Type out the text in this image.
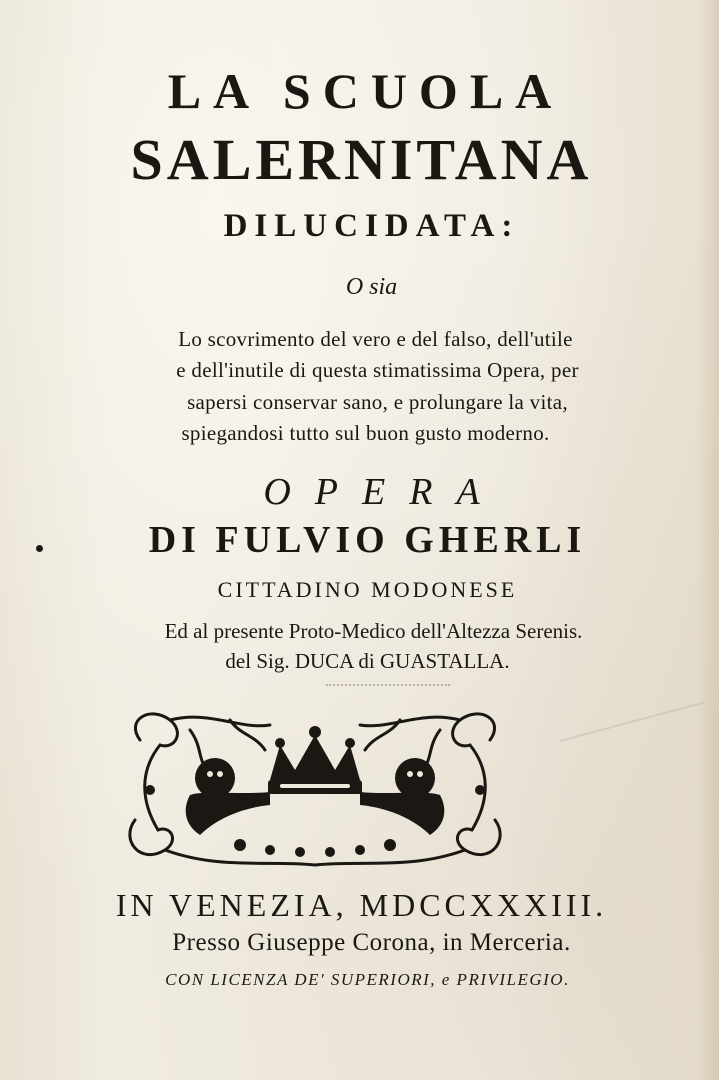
LA SCUOLA
SALERNITANA
DILUCIDATA:
O sia
Lo scovrimento del vero e del falso, dell'utile
e dell'inutile di questa stimatissima Opera, per
sapersi conservar sano, e prolungare la vita,
spiegandosi tutto sul buon gusto moderno.
OPERA
DI FULVIO GHERLI
CITTADINO MODONESE
Ed al presente Proto-Medico dell'Altezza Serenis.
del Sig. DUCA di GUASTALLA.
IN VENEZIA, MDCCXXXIII.
Presso Giuseppe Corona, in Merceria.
CON LICENZA DE' SUPERIORI, e PRIVILEGIO.
